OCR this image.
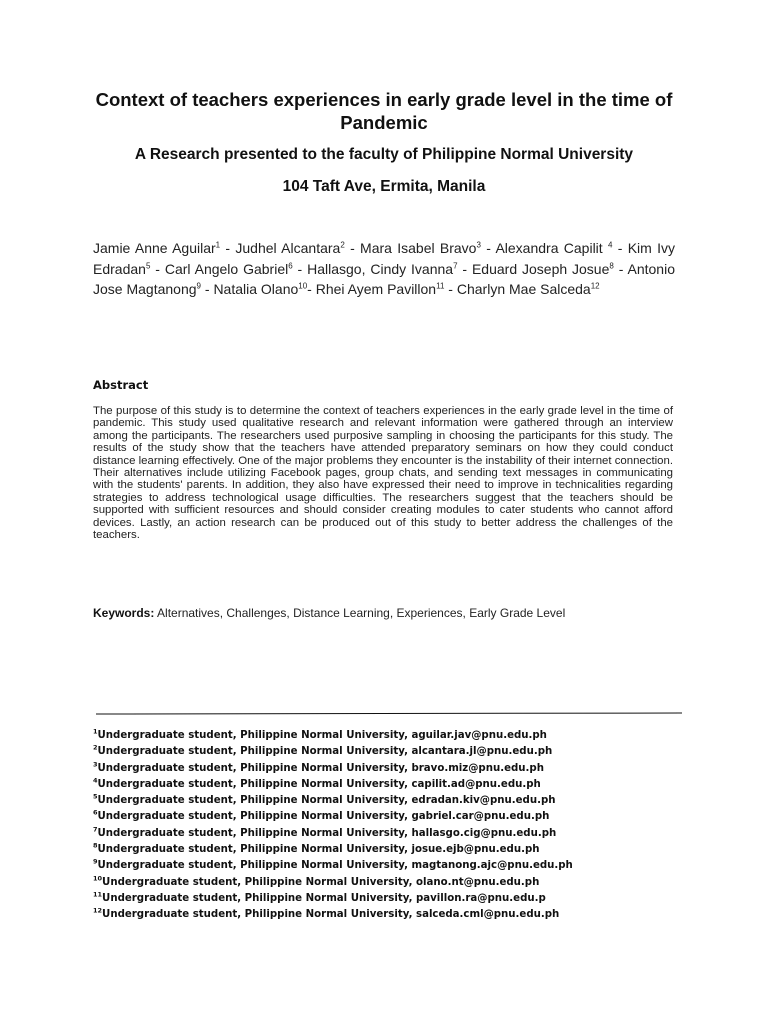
Context of teachers experiences in early grade level in the time of Pandemic
A Research presented to the faculty of Philippine Normal University
104 Taft Ave, Ermita, Manila

Jamie Anne Aguilar$^1$ - Judhel Alcantara$^2$ - Mara Isabel Bravo$^3$ - Alexandra Capilit $^4$ - Kim Ivy Edradan$^5$ - Carl Angelo Gabriel$^6$ - Hallasgo, Cindy Ivanna$^7$ - Eduard Joseph Josue$^8$ - Antonio Jose Magtanong$^9$ - Natalia Olano$^{10}$- Rhei Ayem Pavillon$^{11}$ - Charlyn Mae Salceda$^{12}$

Abstract

The purpose of this study is to determine the context of teachers experiences in the early grade level in the time of pandemic. This study used qualitative research and relevant information were gathered through an interview among the participants. The researchers used purposive sampling in choosing the participants for this study. The results of the study show that the teachers have attended preparatory seminars on how they could conduct distance learning effectively. One of the major problems they encounter is the instability of their internet connection. Their alternatives include utilizing Facebook pages, group chats, and sending text messages in communicating with the students' parents. In addition, they also have expressed their need to improve in technicalities regarding strategies to address technological usage difficulties. The researchers suggest that the teachers should be supported with sufficient resources and should consider creating modules to cater students who cannot afford devices. Lastly, an action research can be produced out of this study to better address the challenges of the teachers.

Keywords: Alternatives, Challenges, Distance Learning, Experiences, Early Grade Level

$^1$Undergraduate student, Philippine Normal University, aguilar.jav@pnu.edu.ph
$^2$Undergraduate student, Philippine Normal University, alcantara.jl@pnu.edu.ph
$^3$Undergraduate student, Philippine Normal University, bravo.miz@pnu.edu.ph
$^4$Undergraduate student, Philippine Normal University, capilit.ad@pnu.edu.ph
$^5$Undergraduate student, Philippine Normal University, edradan.kiv@pnu.edu.ph
$^6$Undergraduate student, Philippine Normal University, gabriel.car@pnu.edu.ph
$^7$Undergraduate student, Philippine Normal University, hallasgo.cig@pnu.edu.ph
$^8$Undergraduate student, Philippine Normal University, josue.ejb@pnu.edu.ph
$^9$Undergraduate student, Philippine Normal University, magtanong.ajc@pnu.edu.ph
$^{10}$Undergraduate student, Philippine Normal University, olano.nt@pnu.edu.ph
$^{11}$Undergraduate student, Philippine Normal University, pavillon.ra@pnu.edu.p
$^{12}$Undergraduate student, Philippine Normal University, salceda.cml@pnu.edu.ph
